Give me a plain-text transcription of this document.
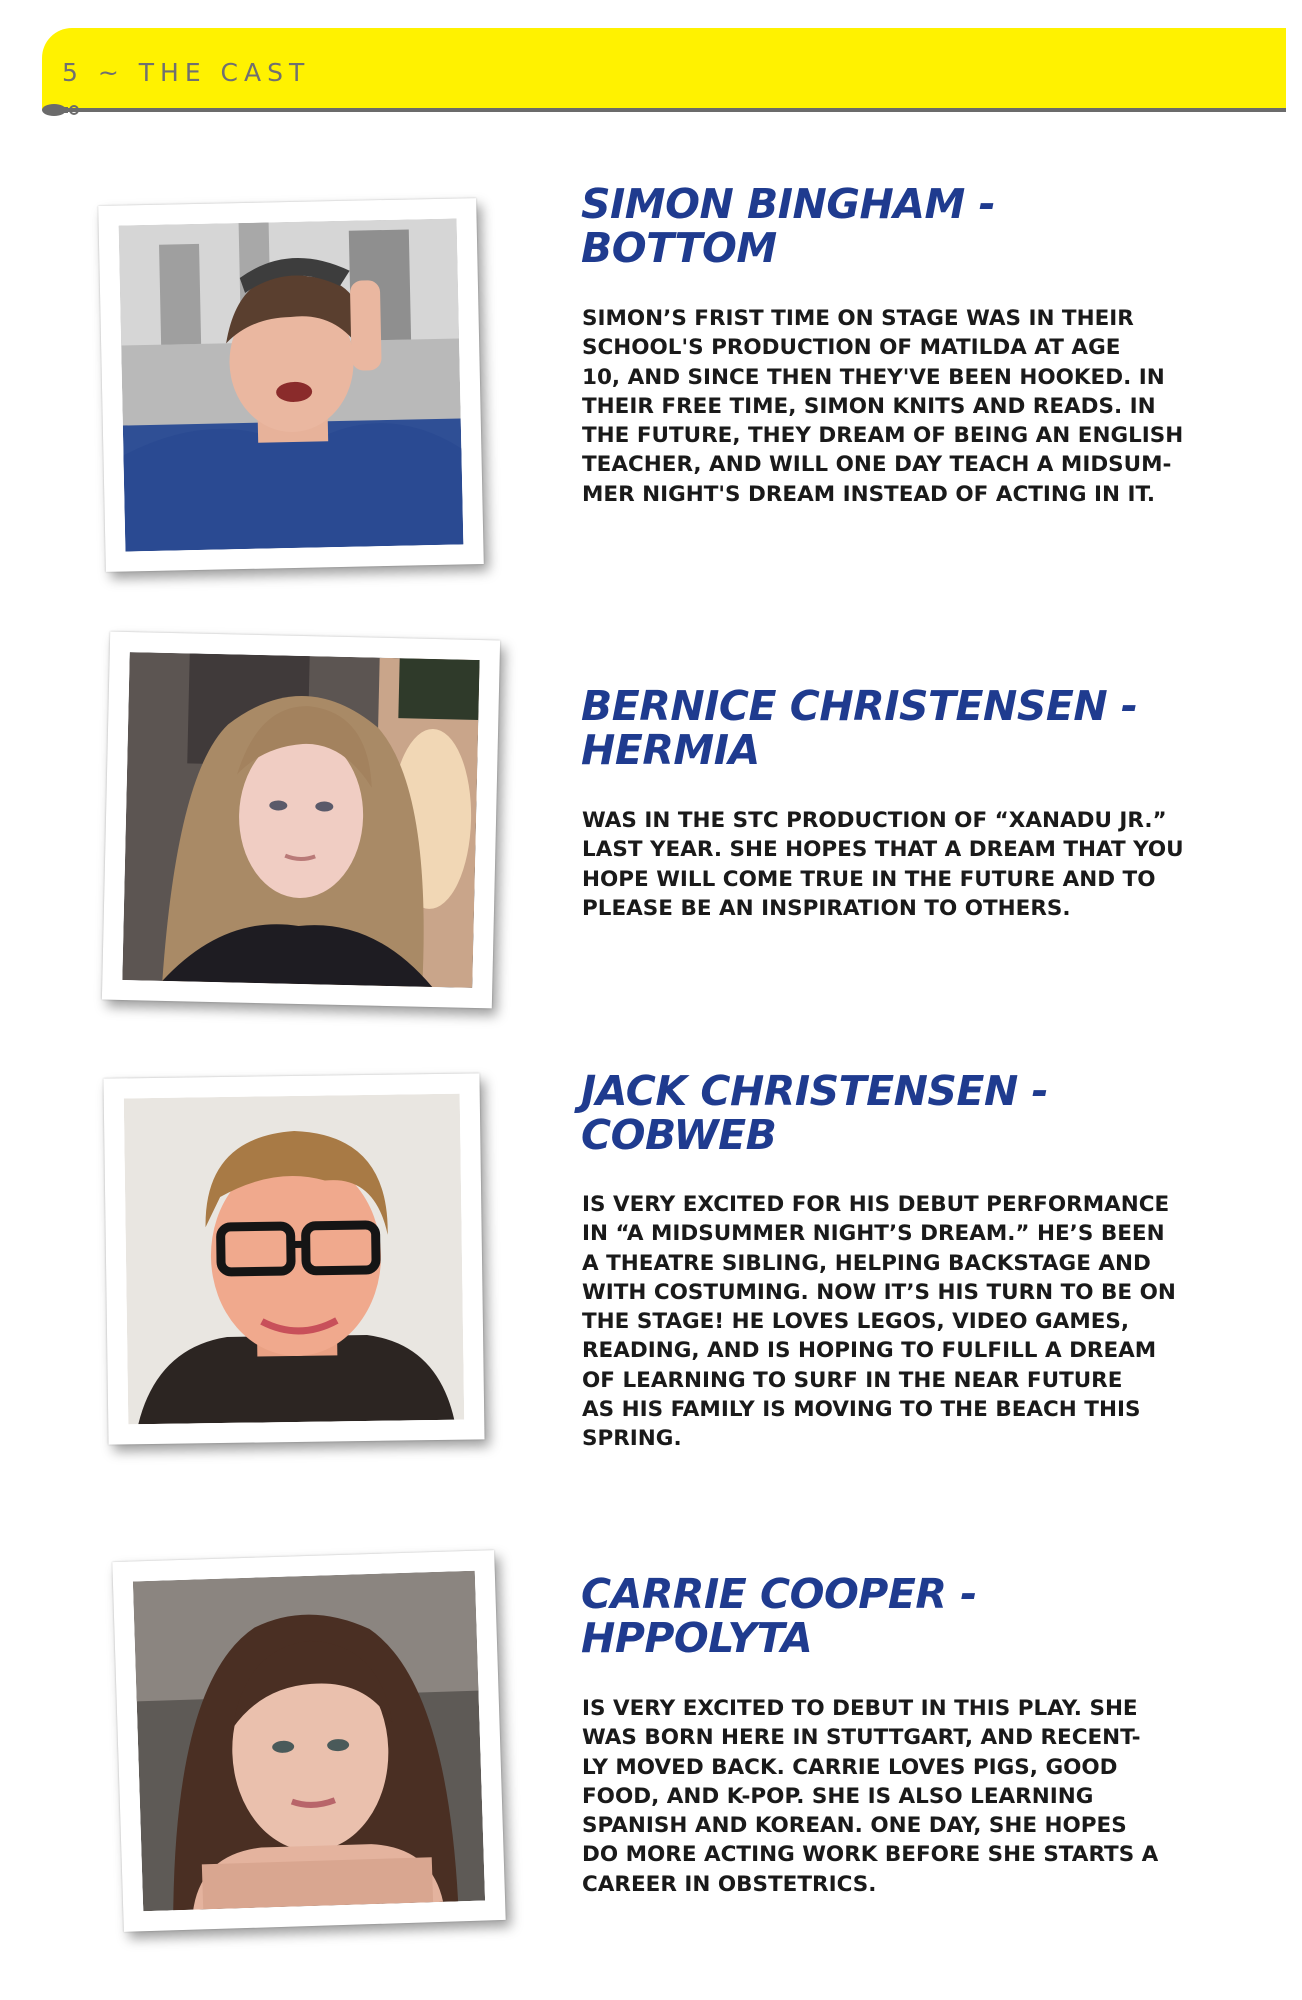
5 ~ THE CAST
SIMON BINGHAM -
BOTTOM
SIMON’S FRIST TIME ON STAGE WAS IN THEIR
SCHOOL'S PRODUCTION OF MATILDA AT AGE
10, AND SINCE THEN THEY'VE BEEN HOOKED. IN
THEIR FREE TIME, SIMON KNITS AND READS. IN
THE FUTURE, THEY DREAM OF BEING AN ENGLISH
TEACHER, AND WILL ONE DAY TEACH A MIDSUM-
MER NIGHT'S DREAM INSTEAD OF ACTING IN IT.
BERNICE CHRISTENSEN -
HERMIA
WAS IN THE STC PRODUCTION OF “XANADU JR.”
LAST YEAR. SHE HOPES THAT A DREAM THAT YOU
HOPE WILL COME TRUE IN THE FUTURE AND TO
PLEASE BE AN INSPIRATION TO OTHERS.
JACK CHRISTENSEN -
COBWEB
IS VERY EXCITED FOR HIS DEBUT PERFORMANCE
IN “A MIDSUMMER NIGHT’S DREAM.” HE’S BEEN
A THEATRE SIBLING, HELPING BACKSTAGE AND
WITH COSTUMING. NOW IT’S HIS TURN TO BE ON
THE STAGE! HE LOVES LEGOS, VIDEO GAMES,
READING, AND IS HOPING TO FULFILL A DREAM
OF LEARNING TO SURF IN THE NEAR FUTURE
AS HIS FAMILY IS MOVING TO THE BEACH THIS
SPRING.
CARRIE COOPER -
HPPOLYTA
IS VERY EXCITED TO DEBUT IN THIS PLAY. SHE
WAS BORN HERE IN STUTTGART, AND RECENT-
LY MOVED BACK. CARRIE LOVES PIGS, GOOD
FOOD, AND K-POP. SHE IS ALSO LEARNING
SPANISH AND KOREAN. ONE DAY, SHE HOPES
DO MORE ACTING WORK BEFORE SHE STARTS A
CAREER IN OBSTETRICS.
